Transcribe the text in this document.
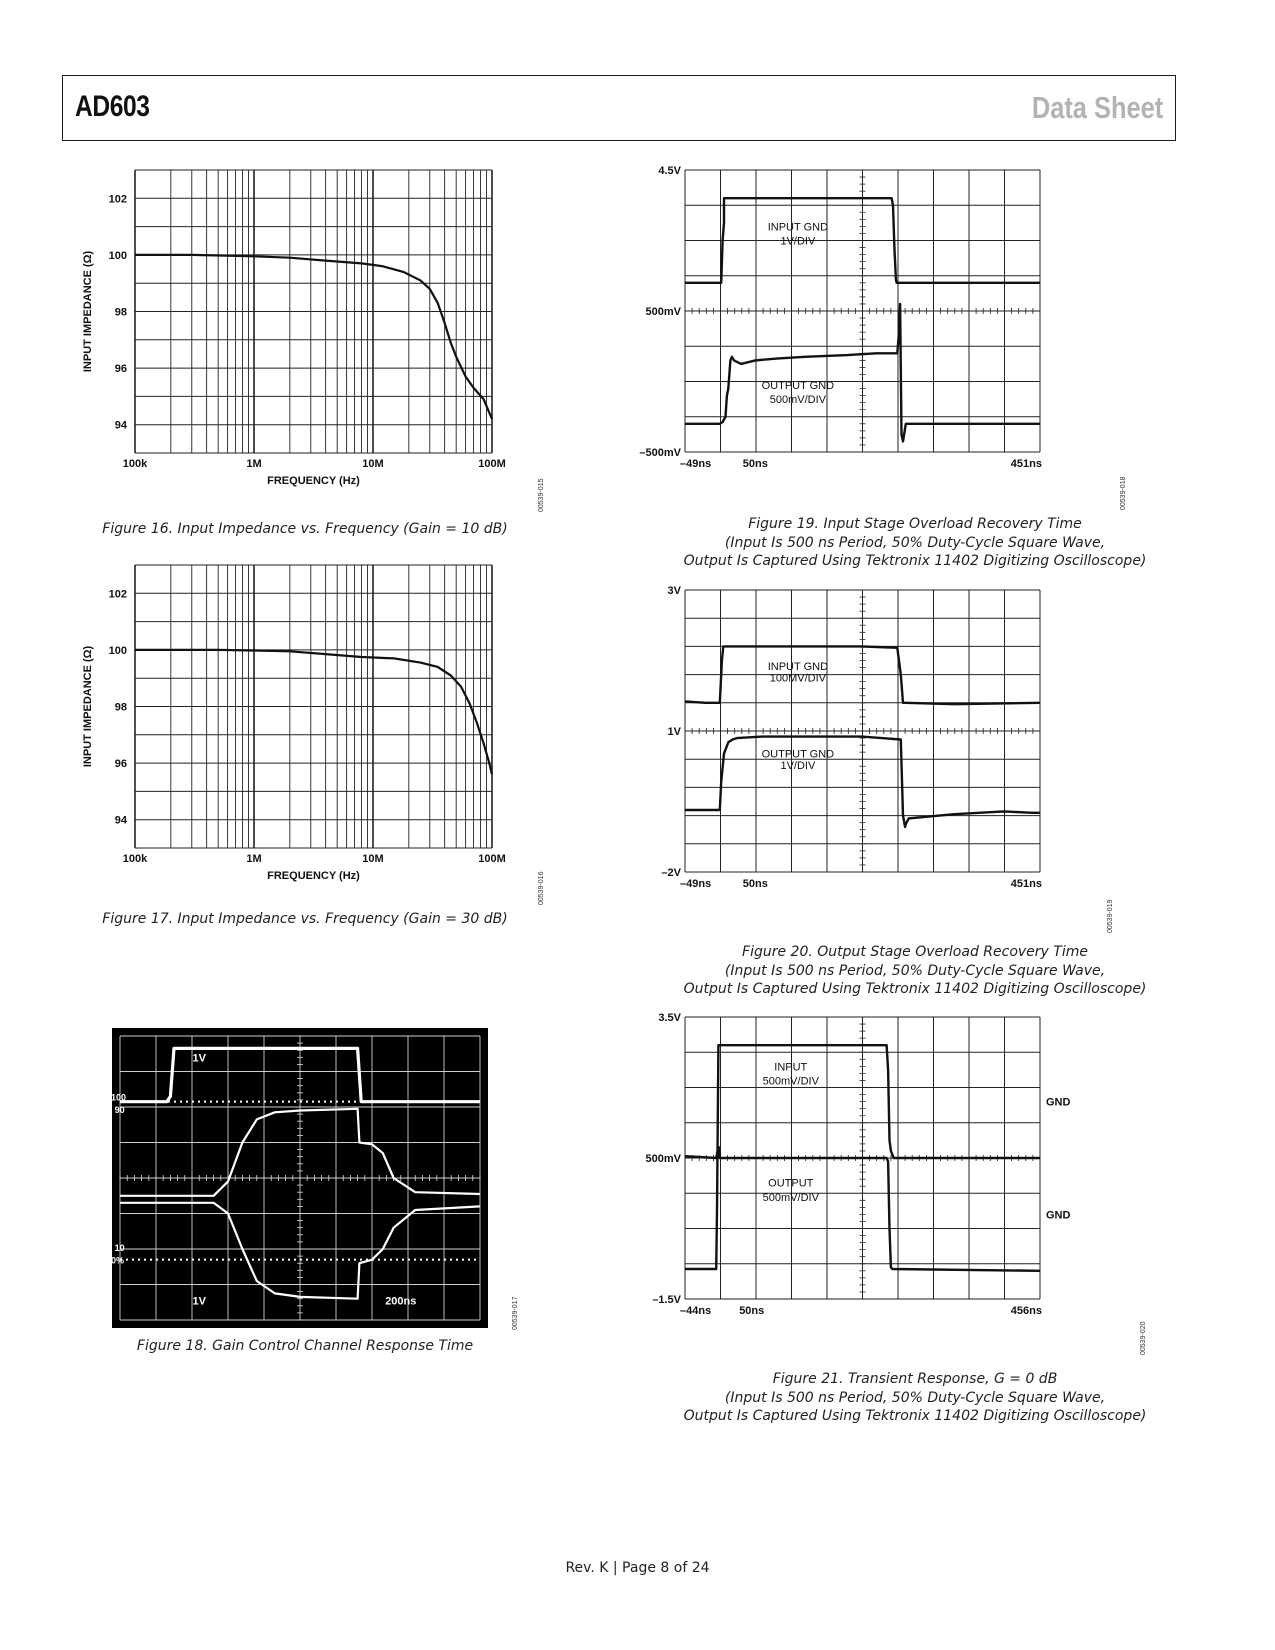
AD603	Data Sheet
94
96
98
100
102
100k	1M	10M	100M
FREQUENCY (Hz)
INPUT IMPEDANCE (Ω)
00539-015
Figure 16. Input Impedance vs. Frequency (Gain = 10 dB)
94
96
98
100
102
100k	1M	10M	100M
FREQUENCY (Hz)
INPUT IMPEDANCE (Ω)
00539-016
Figure 17. Input Impedance vs. Frequency (Gain = 30 dB)
1V
1V	200ns
100
90
10
0%
00539-017
Figure 18. Gain Control Channel Response Time
4.5V
500mV
–500mV
–49ns	50ns	451ns
INPUT GND
1V/DIV
OUTPUT GND
500mV/DIV
00539-018
Figure 19. Input Stage Overload Recovery Time
(Input Is 500 ns Period, 50% Duty-Cycle Square Wave,
Output Is Captured Using Tektronix 11402 Digitizing Oscilloscope)
3V
1V
–2V
–49ns	50ns	451ns
INPUT GND
100MV/DIV
OUTPUT GND
1V/DIV
00539-019
Figure 20. Output Stage Overload Recovery Time
(Input Is 500 ns Period, 50% Duty-Cycle Square Wave,
Output Is Captured Using Tektronix 11402 Digitizing Oscilloscope)
3.5V
500mV
–1.5V
–44ns	50ns	456ns
GND
GND
INPUT
500mV/DIV
OUTPUT
500mV/DIV
00539-020
Figure 21. Transient Response, G = 0 dB
(Input Is 500 ns Period, 50% Duty-Cycle Square Wave,
Output Is Captured Using Tektronix 11402 Digitizing Oscilloscope)
Rev. K | Page 8 of 24
